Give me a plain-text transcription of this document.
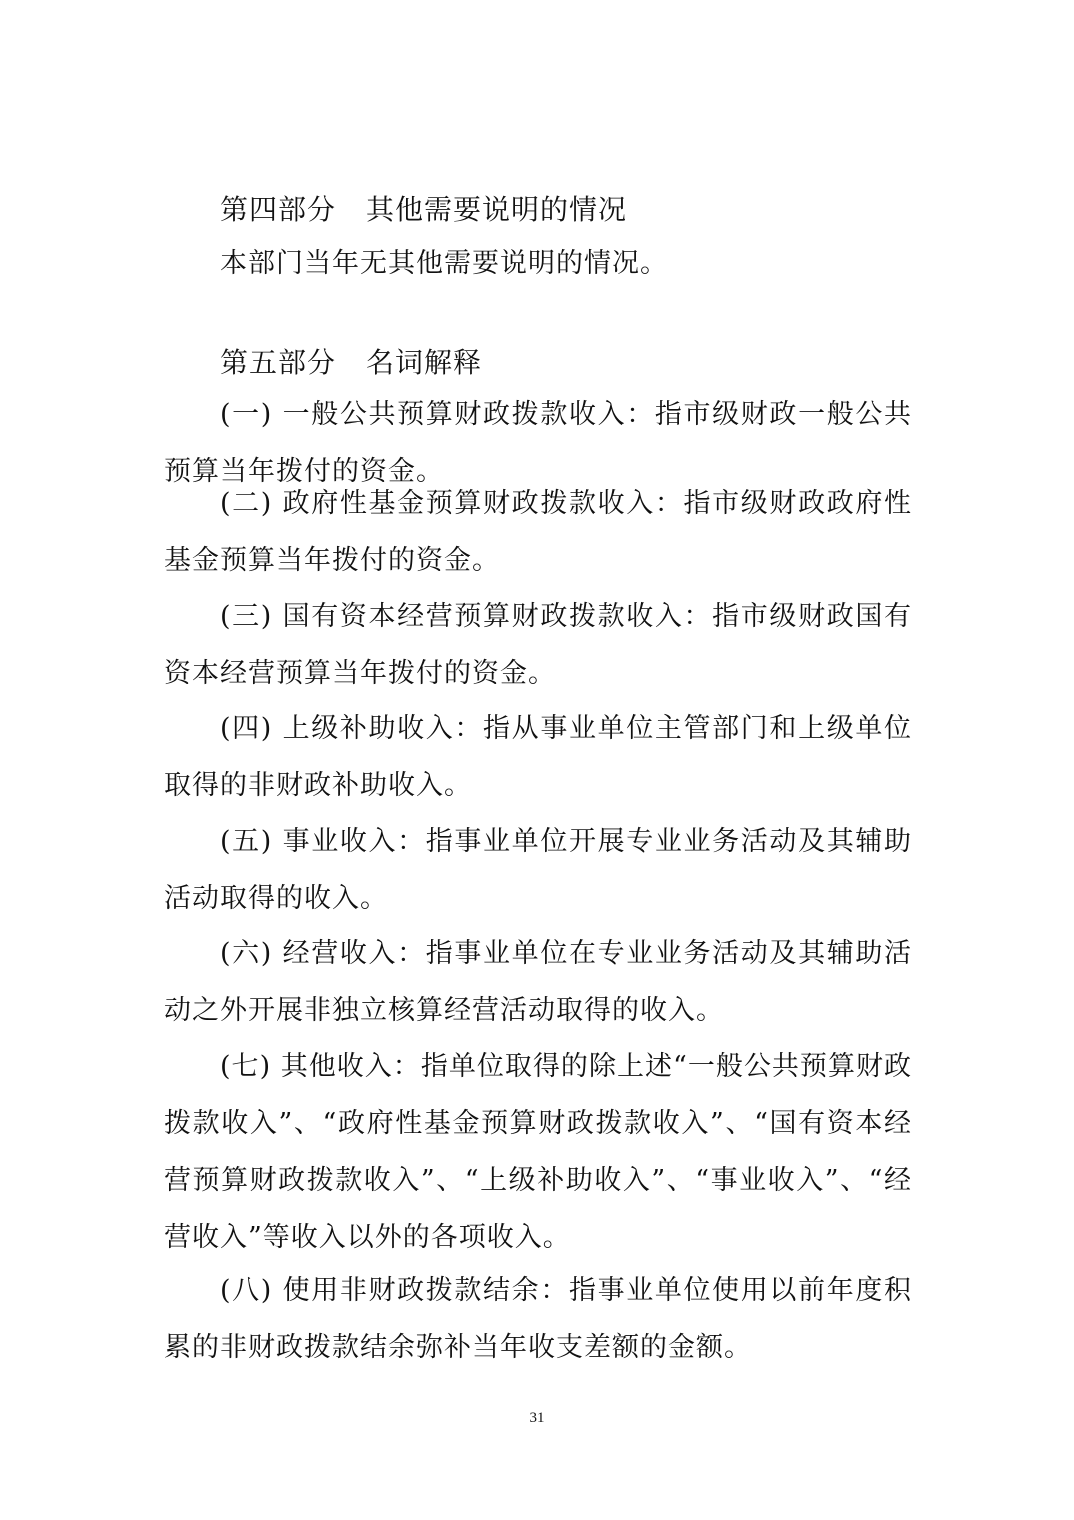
第四部分 其他需要说明的情况

本部门当年无其他需要说明的情况。

第五部分 名词解释

(一) 一般公共预算财政拨款收入：指市级财政一般公共预算当年拨付的资金。

(二) 政府性基金预算财政拨款收入：指市级财政政府性基金预算当年拨付的资金。

(三) 国有资本经营预算财政拨款收入：指市级财政国有资本经营预算当年拨付的资金。

(四) 上级补助收入：指从事业单位主管部门和上级单位取得的非财政补助收入。

(五) 事业收入：指事业单位开展专业业务活动及其辅助活动取得的收入。

(六) 经营收入：指事业单位在专业业务活动及其辅助活动之外开展非独立核算经营活动取得的收入。

(七) 其他收入：指单位取得的除上述“一般公共预算财政拨款收入”、“政府性基金预算财政拨款收入”、“国有资本经营预算财政拨款收入”、“上级补助收入”、“事业收入”、“经营收入”等收入以外的各项收入。

(八) 使用非财政拨款结余：指事业单位使用以前年度积累的非财政拨款结余弥补当年收支差额的金额。

31
